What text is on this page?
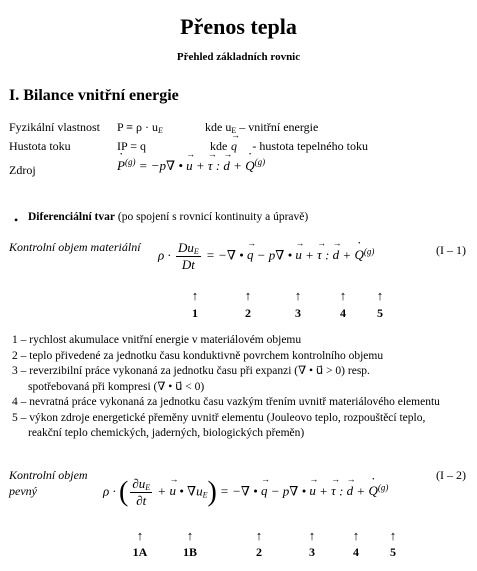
Přenos tepla
Přehled základních rovnic
I. Bilance vnitřní energie
Fyzikální vlastnost $P \equiv \rho \cdot u_E$	kde $u_E$ – vnitřní energie
Hustota toku	IP = q	kde - hustota tepelného toku
→ q
Zdroj
·	$P^{(g)} = -p\nabla$ • → u + → τ : → d + · $Q^{(g)}$
• Diferenciální tvar (po spojení s rovnicí kontinuity a úpravě)
Kontrolní objem materiální
$\rho \cdot \frac{Du_E}{Dt}$ = −∇ • → q − p∇ • → u + → τ : → d + · $Q^{(g)}$	(I – 1)
↑	↑	↑	↑	↑
1	2	3	4	5
1 – rychlost akumulace vnitřní energie v materiálovém objemu
2 – teplo přivedené za jednotku času konduktivně povrchem kontrolního objemu
3 – reverzibilní práce vykonaná za jednotku času při expanzi (∇ • u⃗ > 0) resp.
spotřebovaná při kompresi (∇ • u⃗ < 0)
4 – nevratná práce vykonaná za jednotku času vazkým třením uvnitř materiálového elementu
5 – výkon zdroje energetické přeměny uvnitř elementu (Jouleovo teplo, rozpouštěcí teplo,
reakční teplo chemických, jaderných, biologických přeměn)
Kontrolní objem
pevný	ρ · ( $\frac{\partial u_E}{\partial t}$ + → u • $\nabla u_E$) = −∇ • → q − p∇ • → u + → τ : → d + · $Q^{(g)}$
(I – 2)
↑	↑	↑	↑	↑	↑
1A	1B	2	3	4	5
